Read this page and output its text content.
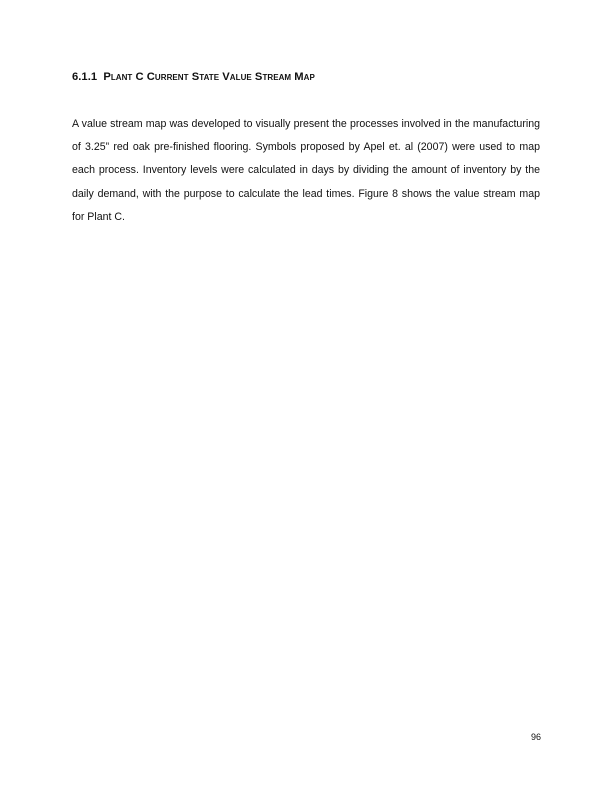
6.1.1 Plant C Current State Value Stream Map

A value stream map was developed to visually present the processes involved in the manufacturing of 3.25” red oak pre-finished flooring. Symbols proposed by Apel et. al (2007) were used to map each process. Inventory levels were calculated in days by dividing the amount of inventory by the daily demand, with the purpose to calculate the lead times. Figure 8 shows the value stream map for Plant C.

96
